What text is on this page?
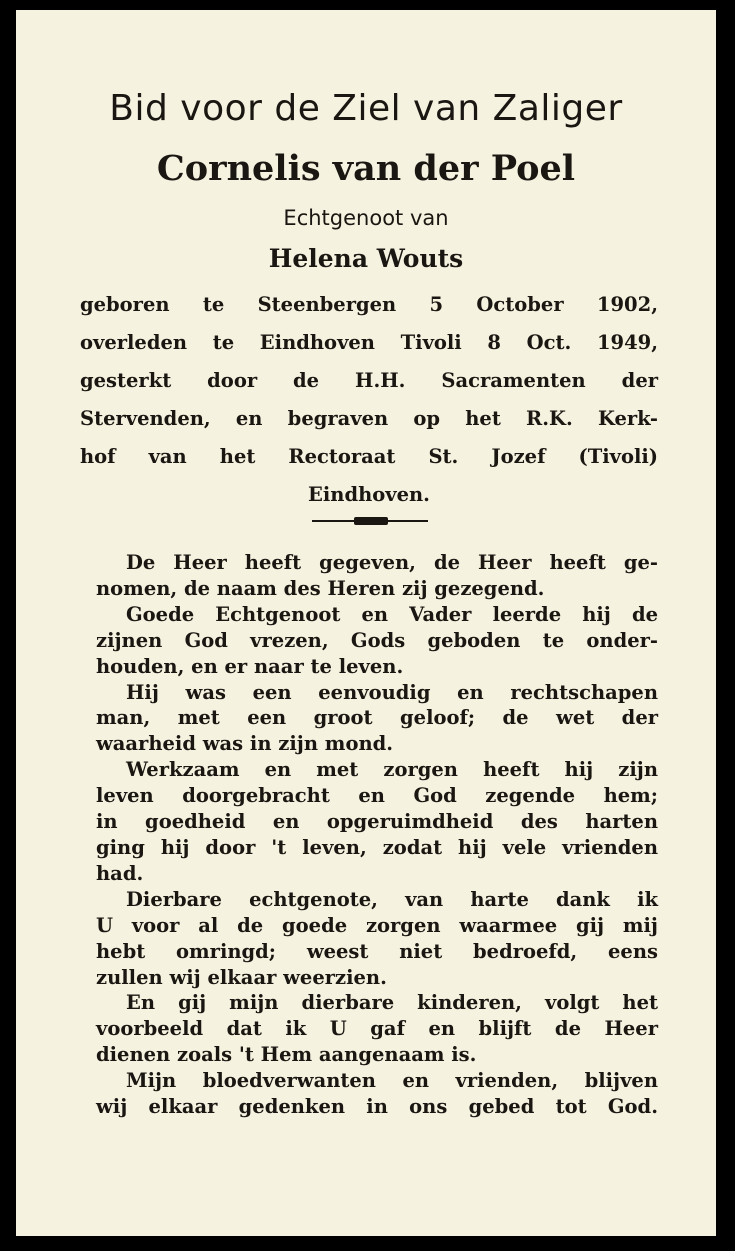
Bid voor de Ziel van Zaliger
Cornelis van der Poel
Echtgenoot van
Helena Wouts
geboren te Steenbergen 5 October 1902,
overleden te Eindhoven Tivoli 8 Oct. 1949,
gesterkt door de H.H. Sacramenten der
Stervenden, en begraven op het R.K. Kerk-
hof van het Rectoraat St. Jozef (Tivoli)
Eindhoven.
De Heer heeft gegeven, de Heer heeft ge-
nomen, de naam des Heren zij gezegend.
Goede Echtgenoot en Vader leerde hij de
zijnen God vrezen, Gods geboden te onder-
houden, en er naar te leven.
Hij was een eenvoudig en rechtschapen
man, met een groot geloof; de wet der
waarheid was in zijn mond.
Werkzaam en met zorgen heeft hij zijn
leven doorgebracht en God zegende hem;
in goedheid en opgeruimdheid des harten
ging hij door 't leven, zodat hij vele vrienden
had.
Dierbare echtgenote, van harte dank ik
U voor al de goede zorgen waarmee gij mij
hebt omringd; weest niet bedroefd, eens
zullen wij elkaar weerzien.
En gij mijn dierbare kinderen, volgt het
voorbeeld dat ik U gaf en blijft de Heer
dienen zoals 't Hem aangenaam is.
Mijn bloedverwanten en vrienden, blijven
wij elkaar gedenken in ons gebed tot God.
